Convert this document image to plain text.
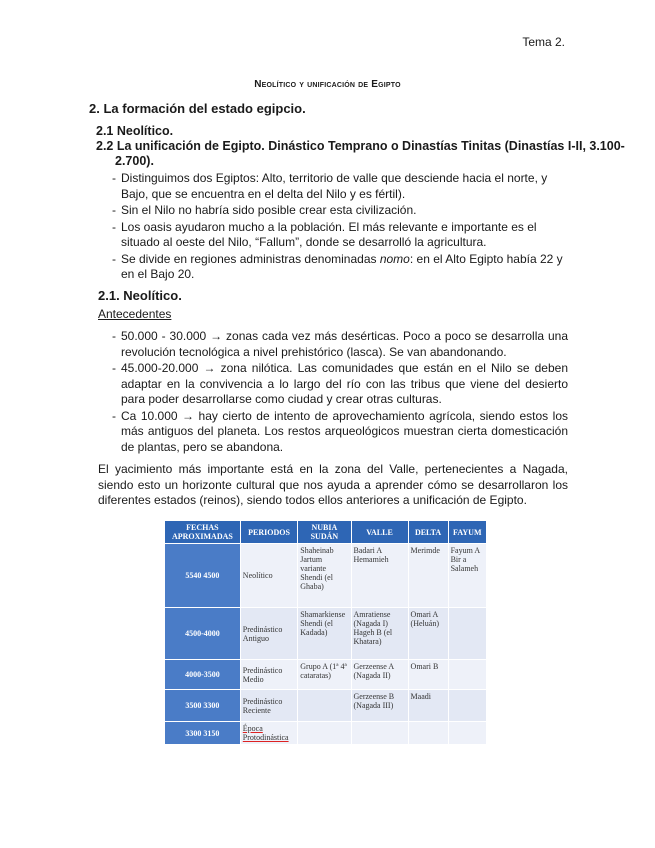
Tema 2.
Neolítico y unificación de Egipto
2. La formación del estado egipcio.
2.1 Neolítico.
2.2 La unificación de Egipto. Dinástico Temprano o Dinastías Tinitas (Dinastías I-II, 3.100-
2.700).
- Distinguimos dos Egiptos: Alto, territorio de valle que desciende hacia el norte, y Bajo, que se encuentra en el delta del Nilo y es fértil).
- Sin el Nilo no habría sido posible crear esta civilización.
- Los oasis ayudaron mucho a la población. El más relevante e importante es el situado al oeste del Nilo, “Fallum”, donde se desarrolló la agricultura.
- Se divide en regiones administras denominadas nomo: en el Alto Egipto había 22 y en el Bajo 20.
2.1. Neolítico.
Antecedentes
- 50.000 - 30.000 → zonas cada vez más desérticas. Poco a poco se desarrolla una revolución tecnológica a nivel prehistórico (lasca). Se van abandonando.
- 45.000-20.000 → zona nilótica. Las comunidades que están en el Nilo se deben adaptar en la convivencia a lo largo del río con las tribus que viene del desierto para poder desarrollarse como ciudad y crear otras culturas.
- Ca 10.000 → hay cierto de intento de aprovechamiento agrícola, siendo estos los más antiguos del planeta. Los restos arqueológicos muestran cierta domesticación de plantas, pero se abandona.
El yacimiento más importante está en la zona del Valle, pertenecientes a Nagada, siendo esto un horizonte cultural que nos ayuda a aprender cómo se desarrollaron los diferentes estados (reinos), siendo todos ellos anteriores a unificación de Egipto.
FECHAS APROXIMADAS	PERIODOS	NUBIA SUDÁN	VALLE	DELTA	FAYUM
5540 4500	Neolítico	Shaheinab Jartum variante Shendi (el Ghaba)	Badari A Hemamieh	Merimde	Fayum A Bir a Salameh
4500-4000	Predinástico Antiguo	Shamarkiense Shendi (el Kadada)	Amratiense (Nagada I) Hageh B (el Khatara)	Omari A (Heluán)	
4000-3500	Predinástico Medio	Grupo A (1ª 4ª cataratas)	Gerzeense A (Nagada II)	Omari B	
3500 3300	Predinástico Reciente		Gerzeense B (Nagada III)	Maadi	
3300 3150	Época Protodinástica				
